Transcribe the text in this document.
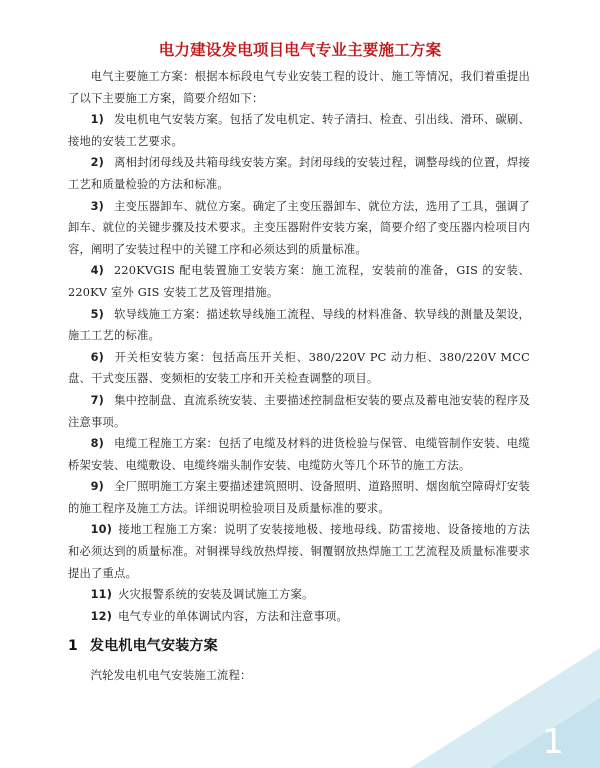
电力建设发电项目电气专业主要施工方案

电气主要施工方案：根据本标段电气专业安装工程的设计、施工等情况，我们着重提出了以下主要施工方案，简要介绍如下：

1) 发电机电气安装方案。包括了发电机定、转子清扫、检查、引出线、滑环、碳刷、接地的安装工艺要求。

2) 离相封闭母线及共箱母线安装方案。封闭母线的安装过程，调整母线的位置，焊接工艺和质量检验的方法和标准。

3) 主变压器卸车、就位方案。确定了主变压器卸车、就位方法，选用了工具，强调了卸车、就位的关键步骤及技术要求。主变压器附件安装方案，简要介绍了变压器内检项目内容，阐明了安装过程中的关键工序和必须达到的质量标准。

4) 220KVGIS 配电装置施工安装方案：施工流程，安装前的准备，GIS 的安装、220KV 室外 GIS 安装工艺及管理措施。

5) 软导线施工方案：描述软导线施工流程、导线的材料准备、软导线的测量及架设，施工工艺的标准。

6) 开关柜安装方案：包括高压开关柜、380/220V PC 动力柜、380/220V MCC 盘、干式变压器、变频柜的安装工序和开关检查调整的项目。

7) 集中控制盘、直流系统安装、主要描述控制盘柜安装的要点及蓄电池安装的程序及注意事项。

8) 电缆工程施工方案：包括了电缆及材料的进货检验与保管、电缆管制作安装、电缆桥架安装、电缆敷设、电缆终端头制作安装、电缆防火等几个环节的施工方法。

9) 全厂照明施工方案主要描述建筑照明、设备照明、道路照明、烟囱航空障碍灯安装的施工程序及施工方法。详细说明检验项目及质量标准的要求。

10) 接地工程施工方案：说明了安装接地极、接地母线、防雷接地、设备接地的方法和必须达到的质量标准。对铜裸导线放热焊接、铜覆钢放热焊施工工艺流程及质量标准要求提出了重点。

11) 火灾报警系统的安装及调试施工方案。

12) 电气专业的单体调试内容，方法和注意事项。

1 发电机电气安装方案

汽轮发电机电气安装施工流程：

1
